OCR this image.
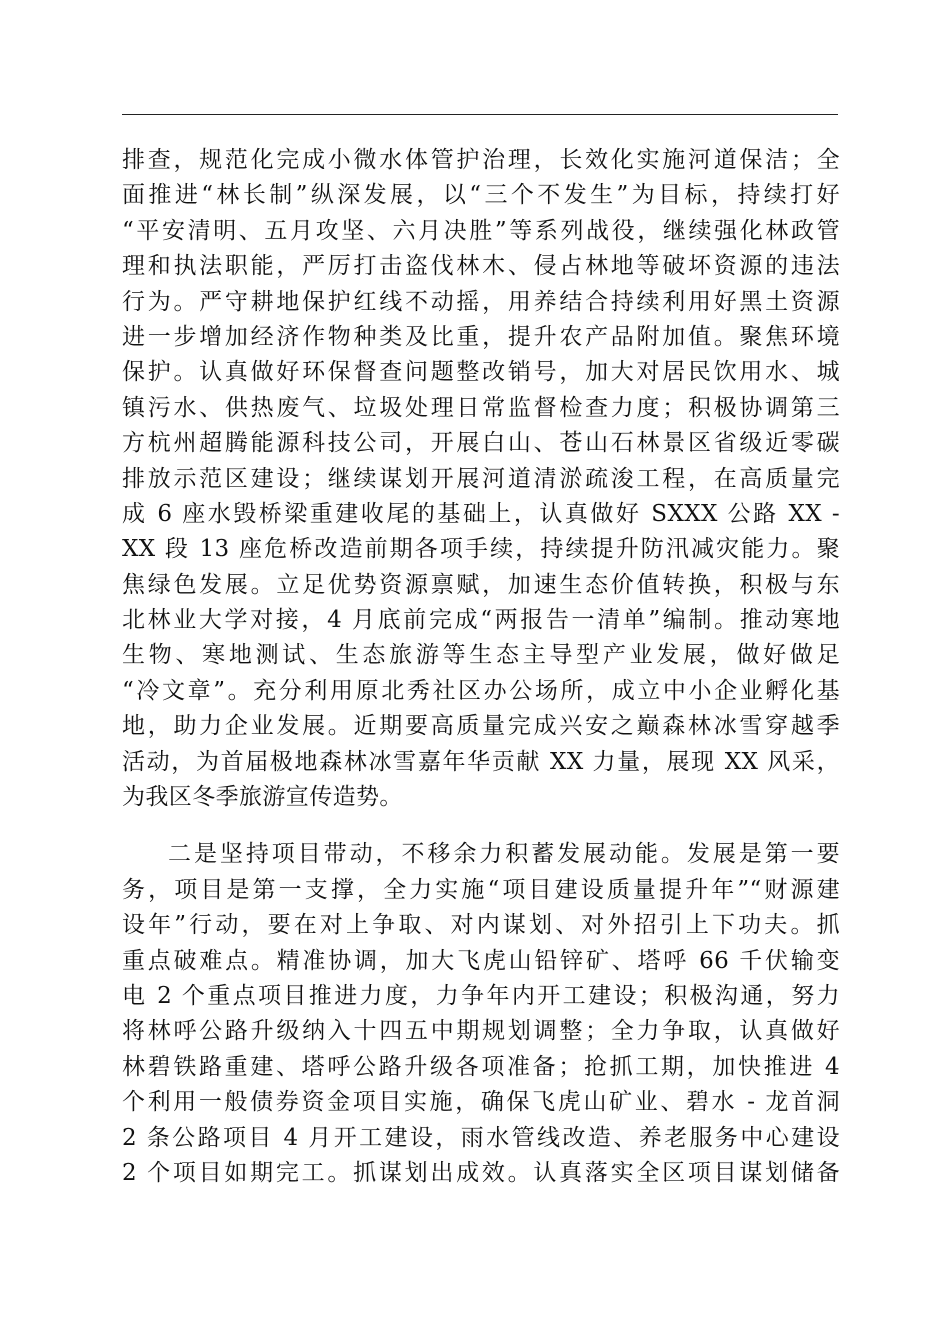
排查，规范化完成小微水体管护治理，长效化实施河道保洁；全
面推进“林长制”纵深发展，以“三个不发生”为目标，持续打好
“平安清明、五月攻坚、六月决胜”等系列战役，继续强化林政管
理和执法职能，严厉打击盗伐林木、侵占林地等破坏资源的违法
行为。严守耕地保护红线不动摇，用养结合持续利用好黑土资源
进一步增加经济作物种类及比重，提升农产品附加值。聚焦环境
保护。认真做好环保督查问题整改销号，加大对居民饮用水、城
镇污水、供热废气、垃圾处理日常监督检查力度；积极协调第三
方杭州超腾能源科技公司，开展白山、苍山石林景区省级近零碳
排放示范区建设；继续谋划开展河道清淤疏浚工程，在高质量完
成 6 座水毁桥梁重建收尾的基础上，认真做好 SXXX 公路 XX -
XX 段 13 座危桥改造前期各项手续，持续提升防汛减灾能力。聚
焦绿色发展。立足优势资源禀赋，加速生态价值转换，积极与东
北林业大学对接，4 月底前完成“两报告一清单”编制。推动寒地
生物、寒地测试、生态旅游等生态主导型产业发展，做好做足
“冷文章”。充分利用原北秀社区办公场所，成立中小企业孵化基
地，助力企业发展。近期要高质量完成兴安之巅森林冰雪穿越季
活动，为首届极地森林冰雪嘉年华贡献 XX 力量，展现 XX 风采，
为我区冬季旅游宣传造势。
二是坚持项目带动，不移余力积蓄发展动能。发展是第一要
务，项目是第一支撑，全力实施“项目建设质量提升年”“财源建
设年”行动，要在对上争取、对内谋划、对外招引上下功夫。抓
重点破难点。精准协调，加大飞虎山铅锌矿、塔呼 66 千伏输变
电 2 个重点项目推进力度，力争年内开工建设；积极沟通，努力
将林呼公路升级纳入十四五中期规划调整；全力争取，认真做好
林碧铁路重建、塔呼公路升级各项准备；抢抓工期，加快推进 4
个利用一般债券资金项目实施，确保飞虎山矿业、碧水 - 龙首洞
2 条公路项目 4 月开工建设，雨水管线改造、养老服务中心建设
2 个项目如期完工。抓谋划出成效。认真落实全区项目谋划储备
